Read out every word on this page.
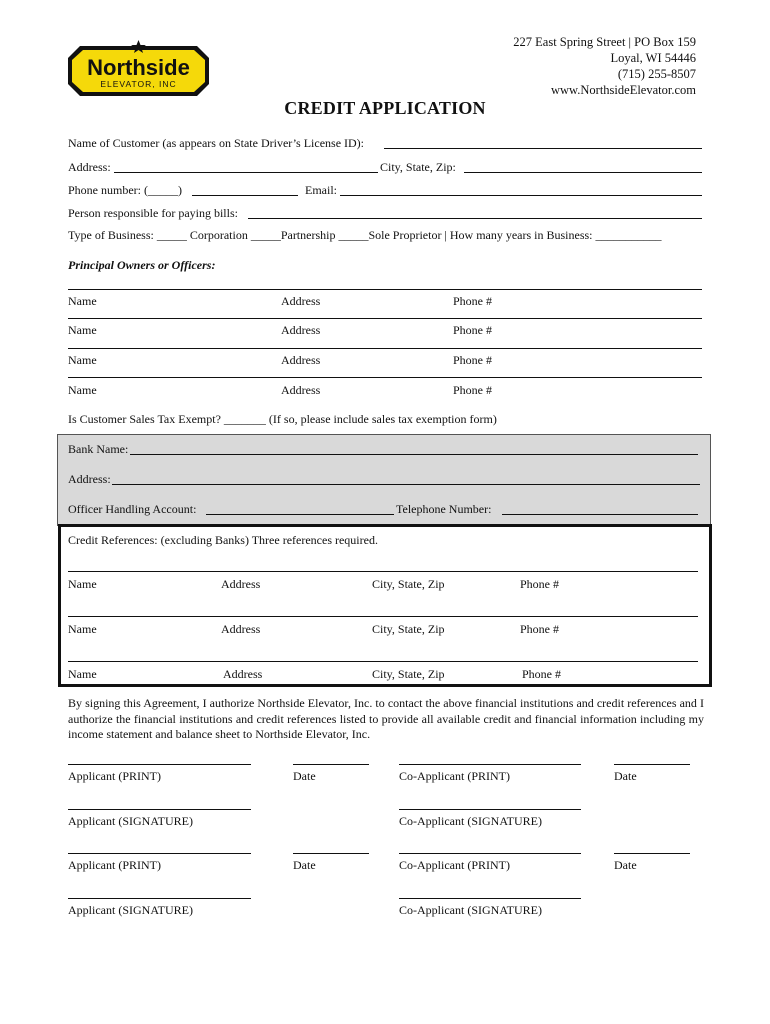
Northside
ELEVATOR, INC
227 East Spring Street | PO Box 159
Loyal, WI 54446
(715) 255-8507
www.NorthsideElevator.com
CREDIT APPLICATION
Name of Customer (as appears on State Driver’s License ID):
Address:	City, State, Zip:
Phone number: (_____)	Email:
Person responsible for paying bills:
Type of Business: _____ Corporation _____Partnership _____Sole Proprietor | How many years in Business: ___________
Principal Owners or Officers:
Name	Address	Phone #
Name	Address	Phone #
Name	Address	Phone #
Name	Address	Phone #
Is Customer Sales Tax Exempt? _______ (If so, please include sales tax exemption form)
Bank Name:
Address:
Officer Handling Account:	Telephone Number:
Credit References: (excluding Banks) Three references required.
Name	Address	City, State, Zip	Phone #
Name	Address	City, State, Zip	Phone #
Name	Address	City, State, Zip	Phone #
By signing this Agreement, I authorize Northside Elevator, Inc. to contact the above financial institutions and credit references and I authorize the financial institutions and credit references listed to provide all available credit and financial information including my income statement and balance sheet to Northside Elevator, Inc.
Applicant (PRINT)	Date	Co-Applicant (PRINT)	Date
Applicant (SIGNATURE)	Co-Applicant (SIGNATURE)
Applicant (PRINT)	Date	Co-Applicant (PRINT)	Date
Applicant (SIGNATURE)	Co-Applicant (SIGNATURE)
